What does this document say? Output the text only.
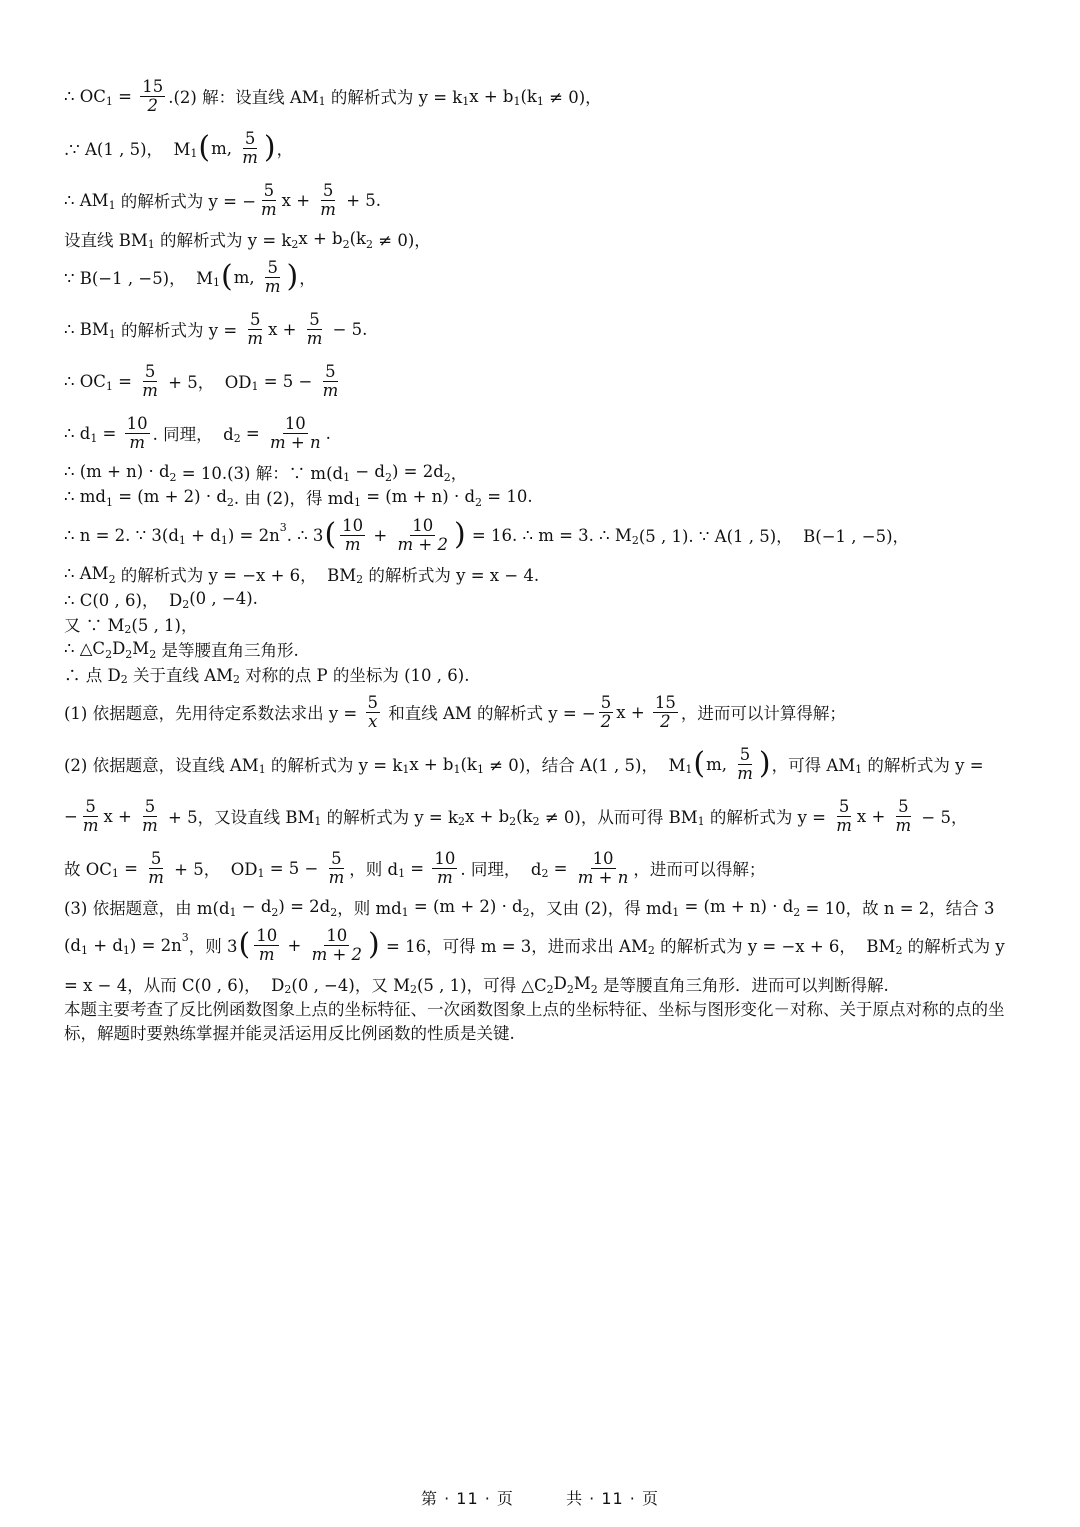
∴ $OC_1 = \frac{15}{2} .(2)$ 解：设直线 $AM_1$ 的解析式为 $y = k_1$ $x + b_1$ $(k_1 \ne 0)$，
.∵ A(1 , 5)，  $M_1$ ( m, $\frac{5}{m}$ ) ，
∴ $AM_1$ 的解析式为 y = − $\frac{5}{m}$ $x + \frac{5}{m} + 5$.
设直线 $BM_1$ 的解析式为 $y = k_2$ $x + b_2$ $(k_2 \ne 0)$，
∵ B(−1 , −5)，  $M_1$ ( m, $\frac{5}{m}$ ) ，
∴ $BM_1$ 的解析式为 $y = \frac{5}{m}$ $x + \frac{5}{m} - 5$.
∴ $OC_1 = \frac{5}{m} + 5$，  $OD_1 = 5 - \frac{5}{m}$
∴ $d_1 = \frac{10}{m}$ . 同理，  $d_2 = \frac{10}{m + n}$ .
∴ $(m + n) \cdot d_2 = 10.(3)$ 解：∵ $m(d_1 - d_2$ ) = $2d_2$ ，
∴ $md_1 = (m + 2) \cdot d_2$ . 由 (2)，得 $md_1 = (m + n) \cdot d_2 = 10$.
∴ n = 2. ∵ $3(d_1 + d_1$ ) = $2n^3$ . ∴ 3 ( $\frac{10}{m} + \frac{10}{m + 2}$ ) = 16. ∴ m = 3. ∴ $M_2$ (5 , 1). ∵ A(1 , 5)，  B(−1 , −5)，
∴ $AM_2$ 的解析式为 y = −x + 6，  $BM_2$ 的解析式为 y = x − 4.
∴ C(0 , 6)，  $D_2$ (0 , −4).
又 ∵ $M_2$ (5 , 1)，
∴ $\triangle C_2$ $D_2$ $M_2$ 是等腰直角三角形.
∴ 点 $D_2$ 关于直线 $AM_2$ 对称的点 P 的坐标为 (10 , 6).
(1) 依据题意，先用待定系数法求出 $y = \frac{5}{x}$ 和直线 AM 的解析式 y = − $\frac{5}{2}$ $x + \frac{15}{2}$ ，进而可以计算得解；
(2) 依据题意，设直线 $AM_1$ 的解析式为 $y = k_1$ $x + b_1$ $(k_1 \ne 0)$，结合 A(1 , 5)，  $M_1$ ( m, $\frac{5}{m}$ ) ，可得 $AM_1$ 的解析式为 y =
− $\frac{5}{m}$ $x + \frac{5}{m} + 5$，又设直线 $BM_1$ 的解析式为 $y = k_2$ $x + b_2$ $(k_2 \ne 0)$，从而可得 $BM_1$ 的解析式为 $y = \frac{5}{m}$ $x + \frac{5}{m} - 5$，
故 $OC_1 = \frac{5}{m} + 5$，  $OD_1 = 5 - \frac{5}{m}$ ，则 $d_1 = \frac{10}{m}$ . 同理，  $d_2 = \frac{10}{m + n}$ ，进而可以得解；
(3) 依据题意，由 $m(d_1 - d_2$ ) = $2d_2$ ，则 $md_1 = (m + 2) \cdot d_2$ ，又由 (2)，得 $md_1 = (m + n) \cdot d_2 = 10$，故 n = 2，结合 3
($d_1 + d_1$ ) = $2n^3$ ，则 3 ( $\frac{10}{m} + \frac{10}{m + 2}$ ) = 16，可得 m = 3，进而求出 $AM_2$ 的解析式为 y = −x + 6，  $BM_2$ 的解析式为 y
= x − 4，从而 C(0 , 6)，  $D_2$ (0 , −4)，又 $M_2$ (5 , 1)，可得 $\triangle C_2$ $D_2$ $M_2$ 是等腰直角三角形．进而可以判断得解.
本题主要考查了反比例函数图象上点的坐标特征、一次函数图象上点的坐标特征、坐标与图形变化－对称、关于原点对称的点的坐标，解题时要熟练掌握并能灵活运用反比例函数的性质是关键.
第 · 11 · 页	共 · 11 · 页
